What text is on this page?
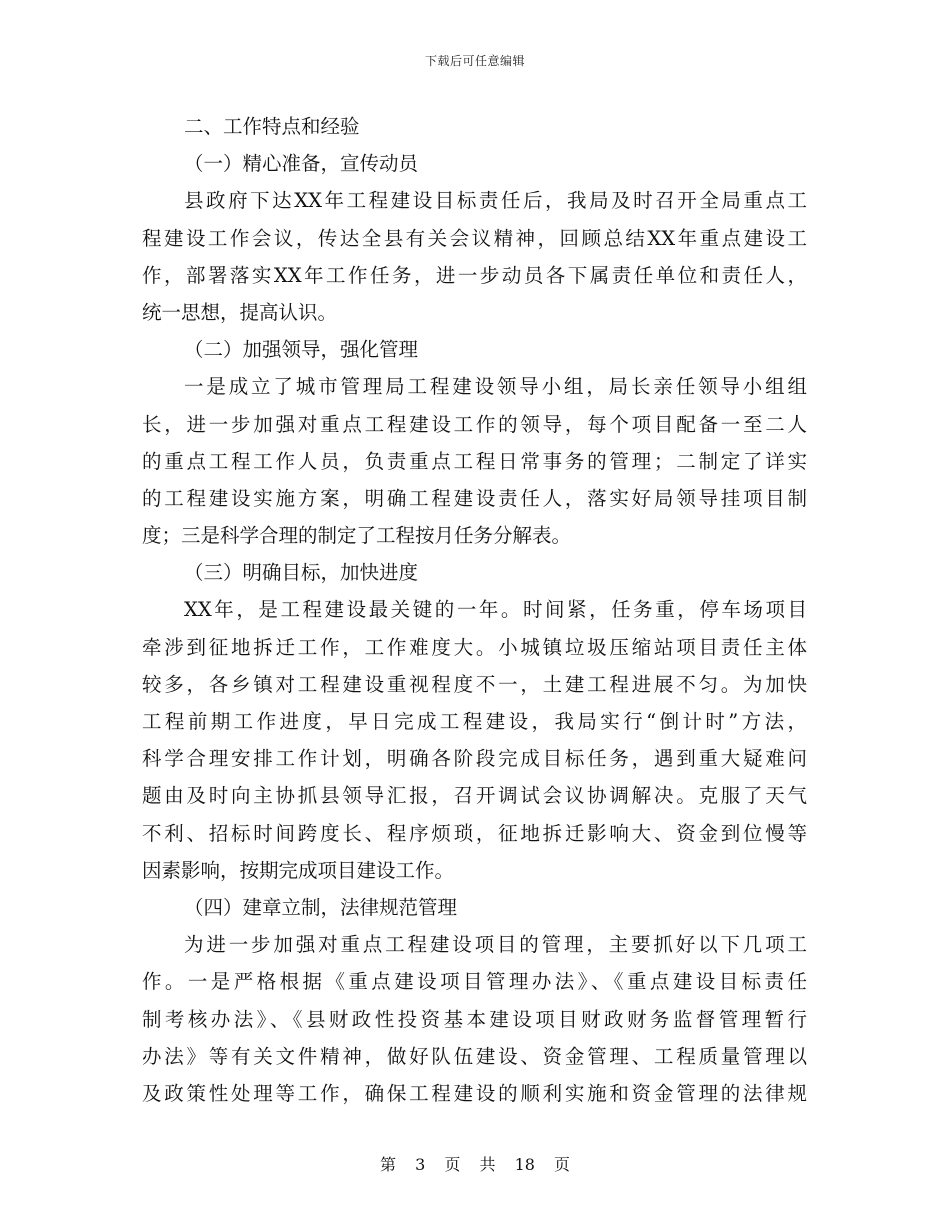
下载后可任意编辑
二、工作特点和经验
（一）精心准备，宣传动员
县政府下达XX年工程建设目标责任后，我局及时召开全局重点工
程建设工作会议，传达全县有关会议精神，回顾总结XX年重点建设工
作，部署落实XX年工作任务，进一步动员各下属责任单位和责任人，
统一思想，提高认识。
（二）加强领导，强化管理
一是成立了城市管理局工程建设领导小组，局长亲任领导小组组
长，进一步加强对重点工程建设工作的领导，每个项目配备一至二人
的重点工程工作人员，负责重点工程日常事务的管理；二制定了详实
的工程建设实施方案，明确工程建设责任人，落实好局领导挂项目制
度；三是科学合理的制定了工程按月任务分解表。
（三）明确目标，加快进度
XX年，是工程建设最关键的一年。时间紧，任务重，停车场项目
牵涉到征地拆迁工作，工作难度大。小城镇垃圾压缩站项目责任主体
较多，各乡镇对工程建设重视程度不一，土建工程进展不匀。为加快
工程前期工作进度，早日完成工程建设，我局实行“倒计时”方法，
科学合理安排工作计划，明确各阶段完成目标任务，遇到重大疑难问
题由及时向主协抓县领导汇报，召开调试会议协调解决。克服了天气
不利、招标时间跨度长、程序烦琐，征地拆迁影响大、资金到位慢等
因素影响，按期完成项目建设工作。
（四）建章立制，法律规范管理
为进一步加强对重点工程建设项目的管理，主要抓好以下几项工
作。一是严格根据《重点建设项目管理办法》、《重点建设目标责任
制考核办法》、《县财政性投资基本建设项目财政财务监督管理暂行
办法》等有关文件精神，做好队伍建设、资金管理、工程质量管理以
及政策性处理等工作，确保工程建设的顺利实施和资金管理的法律规
第 3 页 共 18 页
